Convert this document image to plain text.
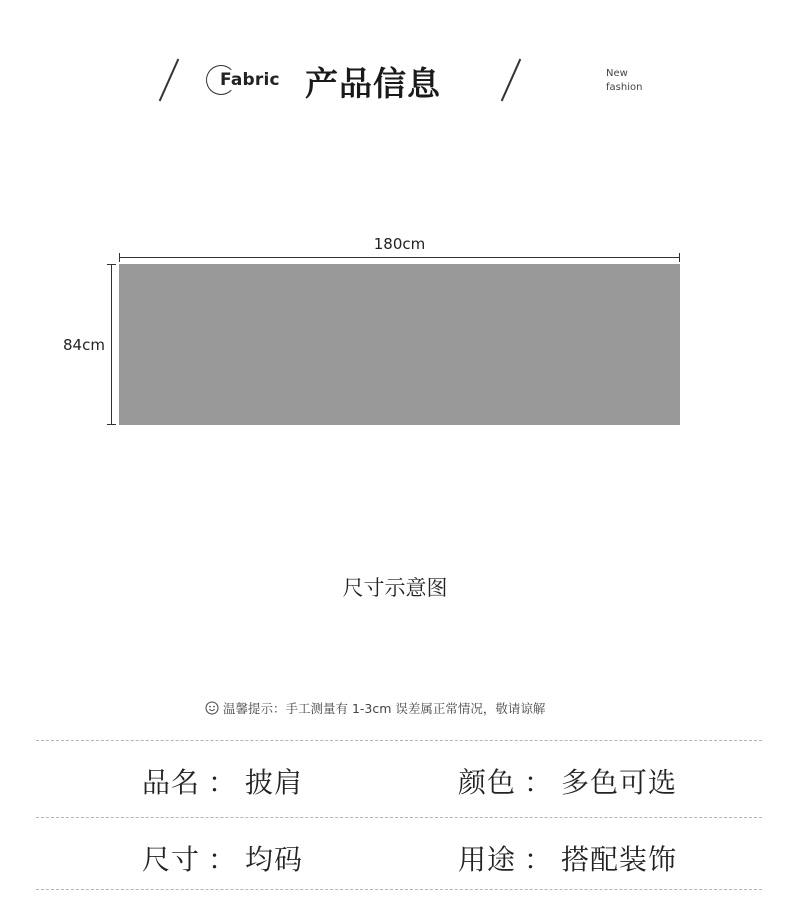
Fabric 产品信息	New
fashion
180cm
84cm
尺寸示意图
温馨提示：手工测量有 1-3cm 误差属正常情况，敬请谅解
品名 ： 披肩	颜色 ： 多色可选
尺寸 ： 均码	用途 ： 搭配装饰
